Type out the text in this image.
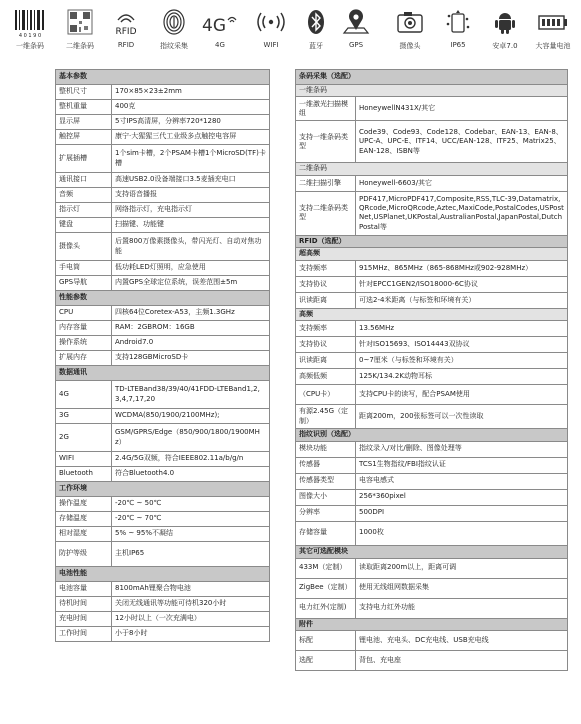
4 0 1 9 0
一维条码	二维条码
RFID
RFID	指纹采集
4G
4G	WIFI	蓝牙	GPS	摄像头	IP65	安卓7.0	大容量电池
基本参数	
整机尺寸	170×85×23±2mm
整机重量	400克
显示屏	5寸IPS高清屏，分辨率720*1280
触控屏	康宁·大猩猩三代工业级多点触控电容屏
扩展插槽	1个sim卡槽，2个PSAM卡槽1个MicroSD(TF)卡槽
通讯接口	高速USB2.0设备端接口3.5麦插充电口
音频	支持语音播报
指示灯	网络指示灯，充电指示灯
键盘	扫描键、功能键
摄像头	后置800万像素摄像头，带闪光灯、自动对焦功能
手电筒	低功耗LED灯照明，应急使用
GPS导航	内置GPS全球定位系统，误差范围±5m
性能参数	
CPU	四核64位Coretex-A53，主频1.3GHz
内存容量	RAM：2GBROM：16GB
操作系统	Android7.0
扩展内存	支持128GBMicroSD卡
数据通讯	
4G	TD-LTEBand38/39/40/41FDD-LTEBand1,2,3,4,7,17,20
3G	WCDMA(850/1900/2100MHz);
2G	GSM/GPRS/Edge（850/900/1800/1900MHz）
WIFI	2.4G/5G双频，符合IEEE802.11a/b/g/n
Bluetooth	符合Bluetooth4.0
工作环境	
操作温度	-20℃ ~ 50℃
存储温度	-20℃ ~ 70℃
相对湿度	5% ~ 95%不凝结
防护等级	主机IP65
电池性能	
电池容量	8100mAh锂聚合物电池
待机时间	关闭无线通讯等功能可待机320小时
充电时间	12小时以上（一次充满电）
工作时间	小于8小时
条码采集（选配）	
一维条码	
一维激光扫描模组	HoneywellN431X/其它
支持一维条码类型	Code39、Code93、Code128、Codebar、EAN-13、EAN-8、UPC-A、UPC-E、ITF14、UCC/EAN-128、ITF25、Matrix25、EAN-128、ISBN等
二维条码	
二维扫描引擎	Honeywell-6603/其它
支持二维条码类型	PDF417,MicroPDF417,Composite,RSS,TLC-39,Datamatrix,QRcode,MicroQRcode,Aztec,MaxiCode,PostalCodes,USPostNet,USPlanet,UKPostal,AustralianPostal,JapanPostal,DutchPostal等
RFID（选配）	
超高频	
支持频率	915MHz、865MHz（865-868MHz或902-928MHz）
支持协议	针对EPCC1GEN2/ISO18000-6C协议
识读距离	可选2-4米距离（与标签和环境有关）
高频	
支持频率	13.56MHz
支持协议	针对ISO15693、ISO14443双协议
识读距离	0~7厘米（与标签和环境有关）
高频低频	125K/134.2K动物耳标
（CPU卡）	支持CPU卡的读写，配合PSAM使用
有源2.45G（定制）	距离200m，200张标签可以一次性读取
指纹识别（选配）	
模块功能	指纹录入/对比/删除、图像处理等
传感器	TCS1生物指纹/FBI指纹认证
传感器类型	电容电感式
图像大小	256*360pixel
分辨率	500DPI
存储容量	1000枚
其它可选配模块	
433M（定制）	读取距离200m以上，距离可调
ZigBee（定制）	使用无线组网数据采集
电力红外(定制)	支持电力红外功能
附件	
标配	锂电池、充电头、DC充电线、USB充电线
选配	背包、充电座
